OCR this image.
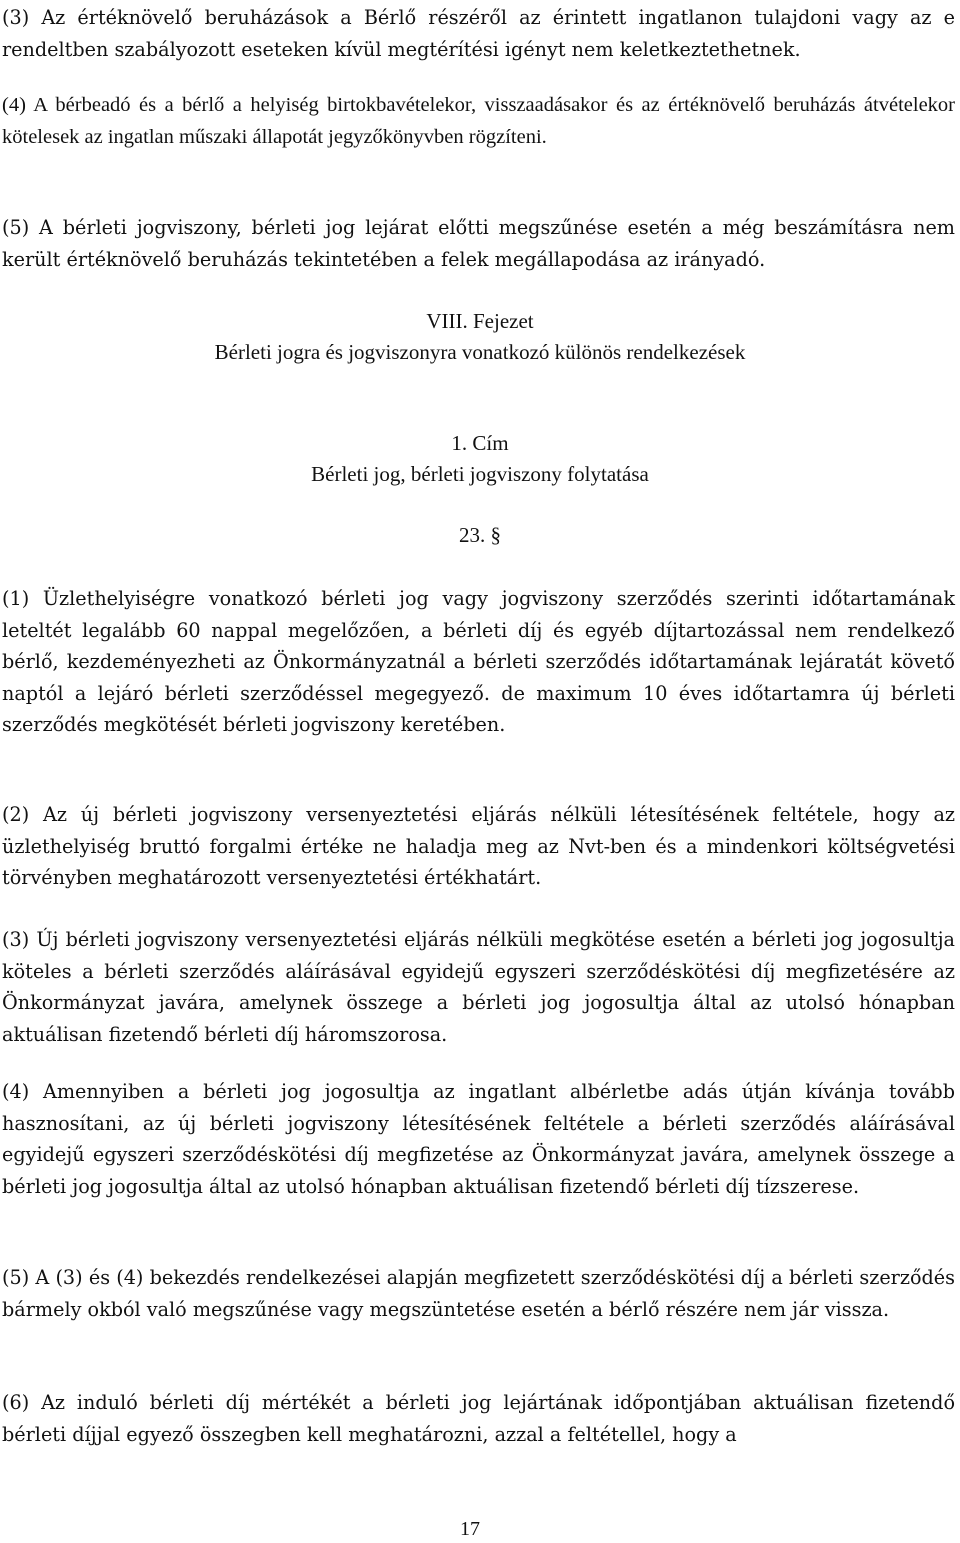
(3) Az értéknövelő beruházások a Bérlő részéről az érintett ingatlanon tulajdoni vagy az e rendeltben szabályozott eseteken kívül megtérítési igényt nem keletkeztethetnek.

(4) A bérbeadó és a bérlő a helyiség birtokbavételekor, visszaadásakor és az értéknövelő beruházás átvételekor kötelesek az ingatlan műszaki állapotát jegyzőkönyvben rögzíteni.

(5) A bérleti jogviszony, bérleti jog lejárat előtti megszűnése esetén a még beszámításra nem került értéknövelő beruházás tekintetében a felek megállapodása az irányadó.

VIII. Fejezet
Bérleti jogra és jogviszonyra vonatkozó különös rendelkezések
1. Cím
Bérleti jog, bérleti jogviszony folytatása
23. §

(1) Üzlethelyiségre vonatkozó bérleti jog vagy jogviszony szerződés szerinti időtartamának leteltét legalább 60 nappal megelőzően, a bérleti díj és egyéb díjtartozással nem rendelkező bérlő, kezdeményezheti az Önkormányzatnál a bérleti szerződés időtartamának lejáratát követő naptól a lejáró bérleti szerződéssel megegyező. de maximum 10 éves időtartamra új bérleti szerződés megkötését bérleti jogviszony keretében.

(2) Az új bérleti jogviszony versenyeztetési eljárás nélküli létesítésének feltétele, hogy az üzlethelyiség bruttó forgalmi értéke ne haladja meg az Nvt-ben és a mindenkori költségvetési törvényben meghatározott versenyeztetési értékhatárt.

(3) Új bérleti jogviszony versenyeztetési eljárás nélküli megkötése esetén a bérleti jog jogosultja köteles a bérleti szerződés aláírásával egyidejű egyszeri szerződéskötési díj megfizetésére az Önkormányzat javára, amelynek összege a bérleti jog jogosultja által az utolsó hónapban aktuálisan fizetendő bérleti díj háromszorosa.

(4) Amennyiben a bérleti jog jogosultja az ingatlant albérletbe adás útján kívánja tovább hasznosítani, az új bérleti jogviszony létesítésének feltétele a bérleti szerződés aláírásával egyidejű egyszeri szerződéskötési díj megfizetése az Önkormányzat javára, amelynek összege a bérleti jog jogosultja által az utolsó hónapban aktuálisan fizetendő bérleti díj tízszerese.

(5) A (3) és (4) bekezdés rendelkezései alapján megfizetett szerződéskötési díj a bérleti szerződés bármely okból való megszűnése vagy megszüntetése esetén a bérlő részére nem jár vissza.

(6) Az induló bérleti díj mértékét a bérleti jog lejártának időpontjában aktuálisan fizetendő bérleti díjjal egyező összegben kell meghatározni, azzal a feltétellel, hogy a

17
